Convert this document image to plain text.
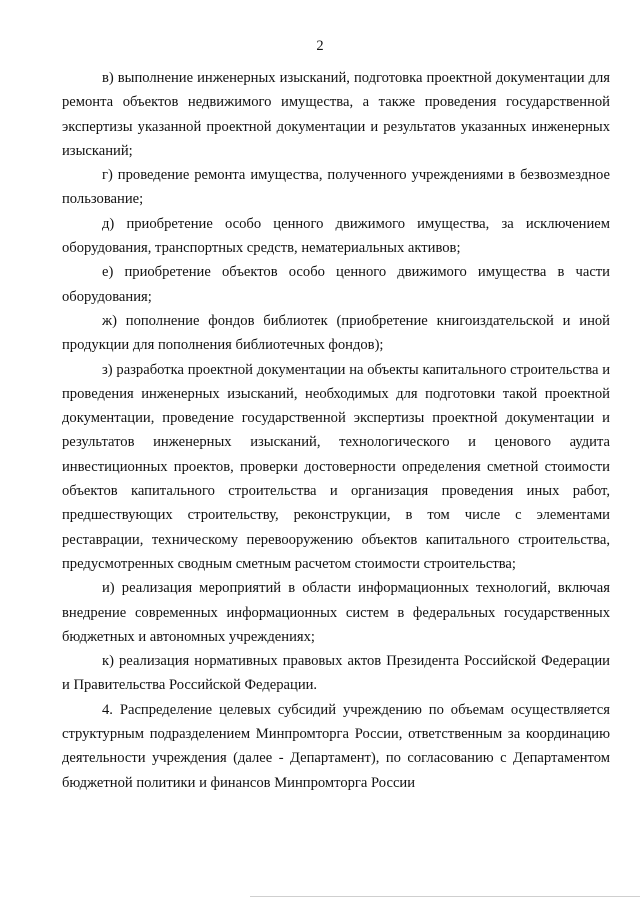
2

в) выполнение инженерных изысканий, подготовка проектной документации для ремонта объектов недвижимого имущества, а также проведения государственной экспертизы указанной проектной документации и результатов указанных инженерных изысканий;

г) проведение ремонта имущества, полученного учреждениями в безвозмездное пользование;

д) приобретение особо ценного движимого имущества, за исключением оборудования, транспортных средств, нематериальных активов;

е) приобретение объектов особо ценного движимого имущества в части оборудования;

ж) пополнение фондов библиотек (приобретение книгоиздательской и иной продукции для пополнения библиотечных фондов);

з) разработка проектной документации на объекты капитального строительства и проведения инженерных изысканий, необходимых для подготовки такой проектной документации, проведение государственной экспертизы проектной документации и результатов инженерных изысканий, технологического и ценового аудита инвестиционных проектов, проверки достоверности определения сметной стоимости объектов капитального строительства и организация проведения иных работ, предшествующих строительству, реконструкции, в том числе с элементами реставрации, техническому перевооружению объектов капитального строительства, предусмотренных сводным сметным расчетом стоимости строительства;

и) реализация мероприятий в области информационных технологий, включая внедрение современных информационных систем в федеральных государственных бюджетных и автономных учреждениях;

к) реализация нормативных правовых актов Президента Российской Федерации и Правительства Российской Федерации.

4. Распределение целевых субсидий учреждению по объемам осуществляется структурным подразделением Минпромторга России, ответственным за координацию деятельности учреждения (далее - Департамент), по согласованию с Департаментом бюджетной политики и финансов Минпромторга России
